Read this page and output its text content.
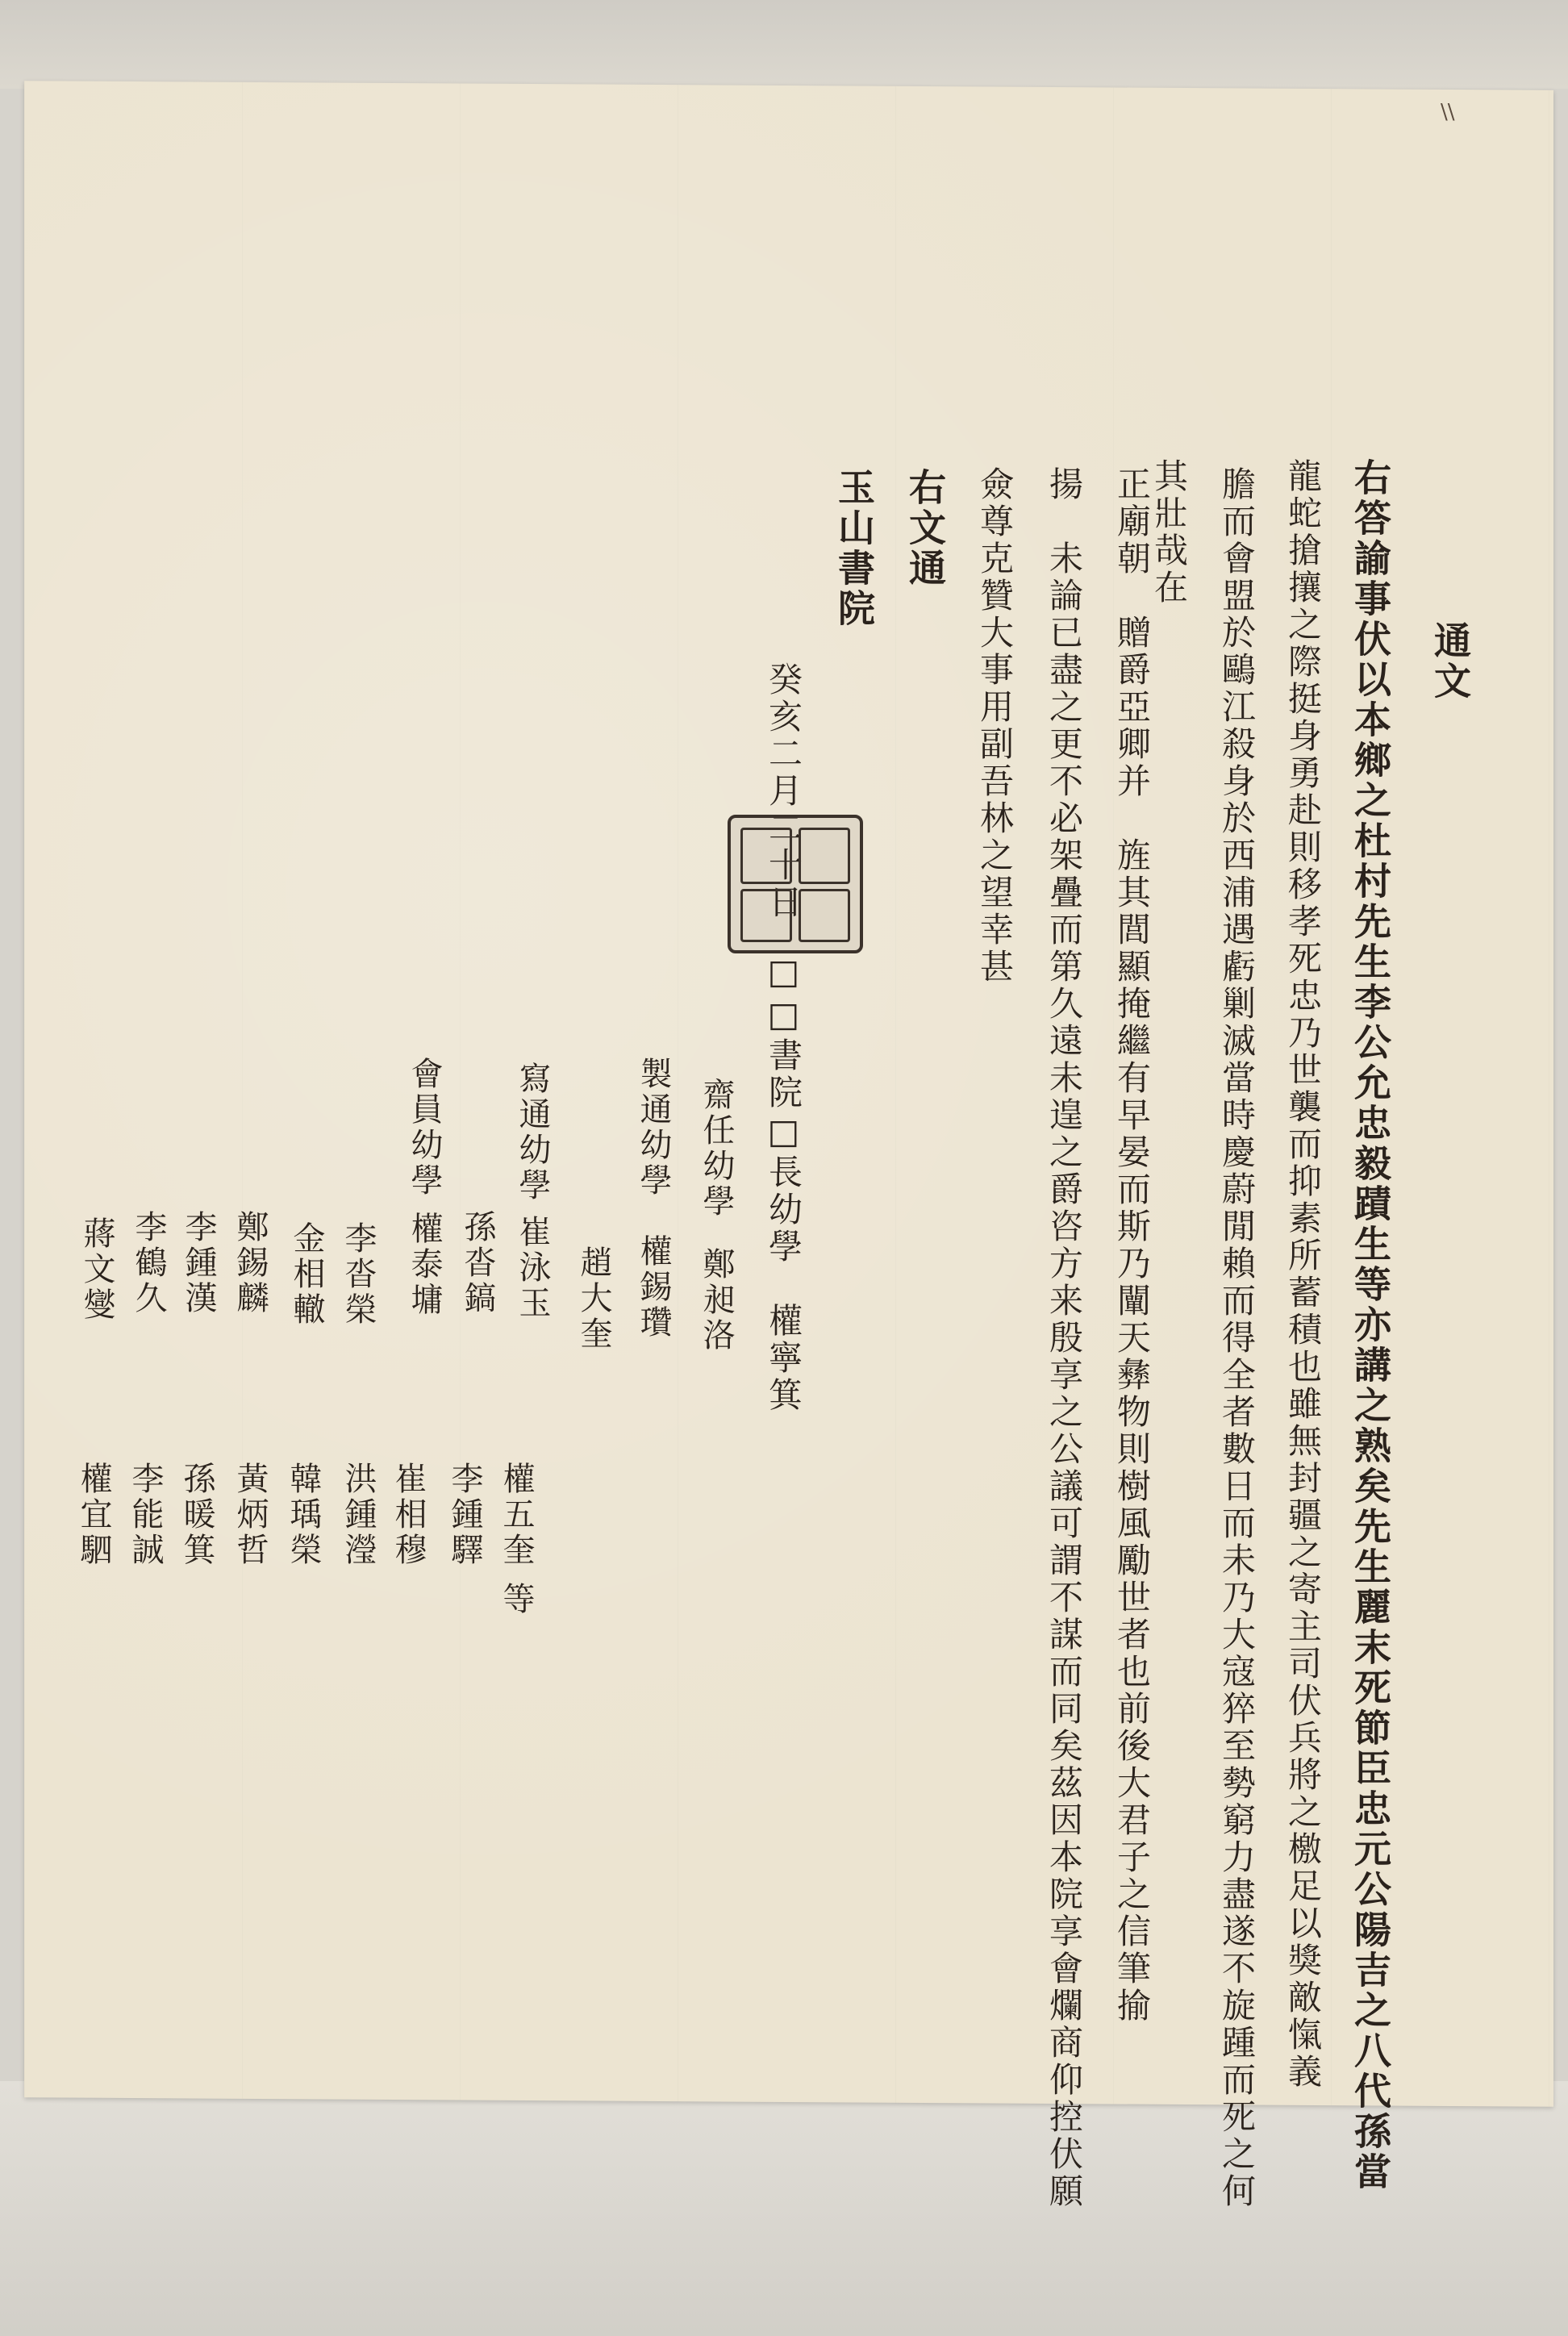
\\
通文
右答諭事伏以本鄉之杜村先生李公允忠毅蹟生等亦講之熟矣先生麗末死節臣忠元公陽吉之八代孫當
龍蛇搶攘之際挺身勇赴則移孝死忠乃世襲而抑素所蓄積也雖無封疆之寄主司伏兵將之檄足以獎敵愾義
膽而會盟於鷗江殺身於西浦遇虧剿滅當時慶蔚閒賴而得全者數日而未乃大寇猝至勢窮力盡遂不旋踵而死之何
其壯哉在
正廟朝　贈爵亞卿并　旌其閭顯掩繼有早晏而斯乃闡天彝物則樹風勵世者也前後大君子之信筆揄
揚　未論已盡之更不必架疊而第久遠未遑之爵咨方来殷享之公議可謂不謀而同矣茲因本院享會爛商仰控伏願
僉尊克贊大事用副吾林之望幸甚
右文通
玉山書院
癸亥二月二十日
□□書院□長幼學　權寧箕
齋任幼學
鄭昶洛
製通幼學
權錫瓚
趙大奎
寫通幼學
崔泳玉
孫沓鎬
會員幼學
權泰墉
李沓榮
金相轍
鄭錫麟
李鍾漢
李鶴久
蔣文燮
權五奎 等
李鍾驛
崔相穆
洪鍾瀅
韓瑀榮
黃炳哲
孫暖箕
李能誠
權宜駟
